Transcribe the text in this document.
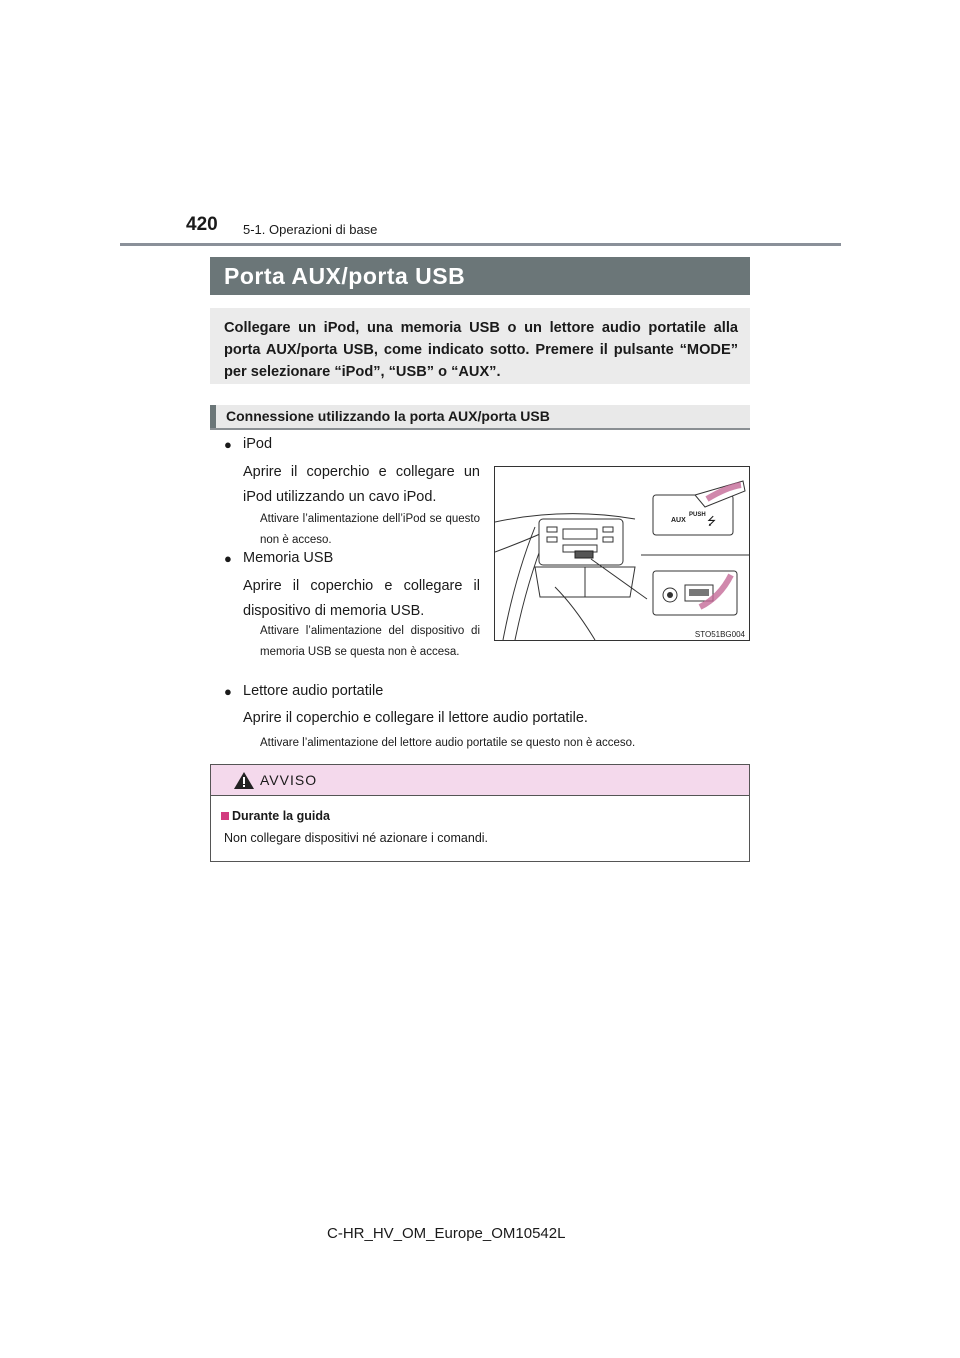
420 5-1. Operazioni di base
Porta AUX/porta USB

Collegare un iPod, una memoria USB o un lettore audio portatile alla porta AUX/porta USB, come indicato sotto. Premere il pulsante “MODE” per selezionare “iPod”, “USB” o “AUX”.

Connessione utilizzando la porta AUX/porta USB
● iPod
Aprire il coperchio e collegare un iPod utilizzando un cavo iPod.
Attivare l’alimentazione dell’iPod se questo non è acceso.
● Memoria USB
Aprire il coperchio e collegare il dispositivo di memoria USB.
Attivare l’alimentazione del dispositivo di memoria USB se questa non è accesa.
● Lettore audio portatile
Aprire il coperchio e collegare il lettore audio portatile.
Attivare l’alimentazione del lettore audio portatile se questo non è acceso.
PUSH
AUX ⭍
STO51BG004
AVVISO
Durante la guida
Non collegare dispositivi né azionare i comandi.
C-HR_HV_OM_Europe_OM10542L
